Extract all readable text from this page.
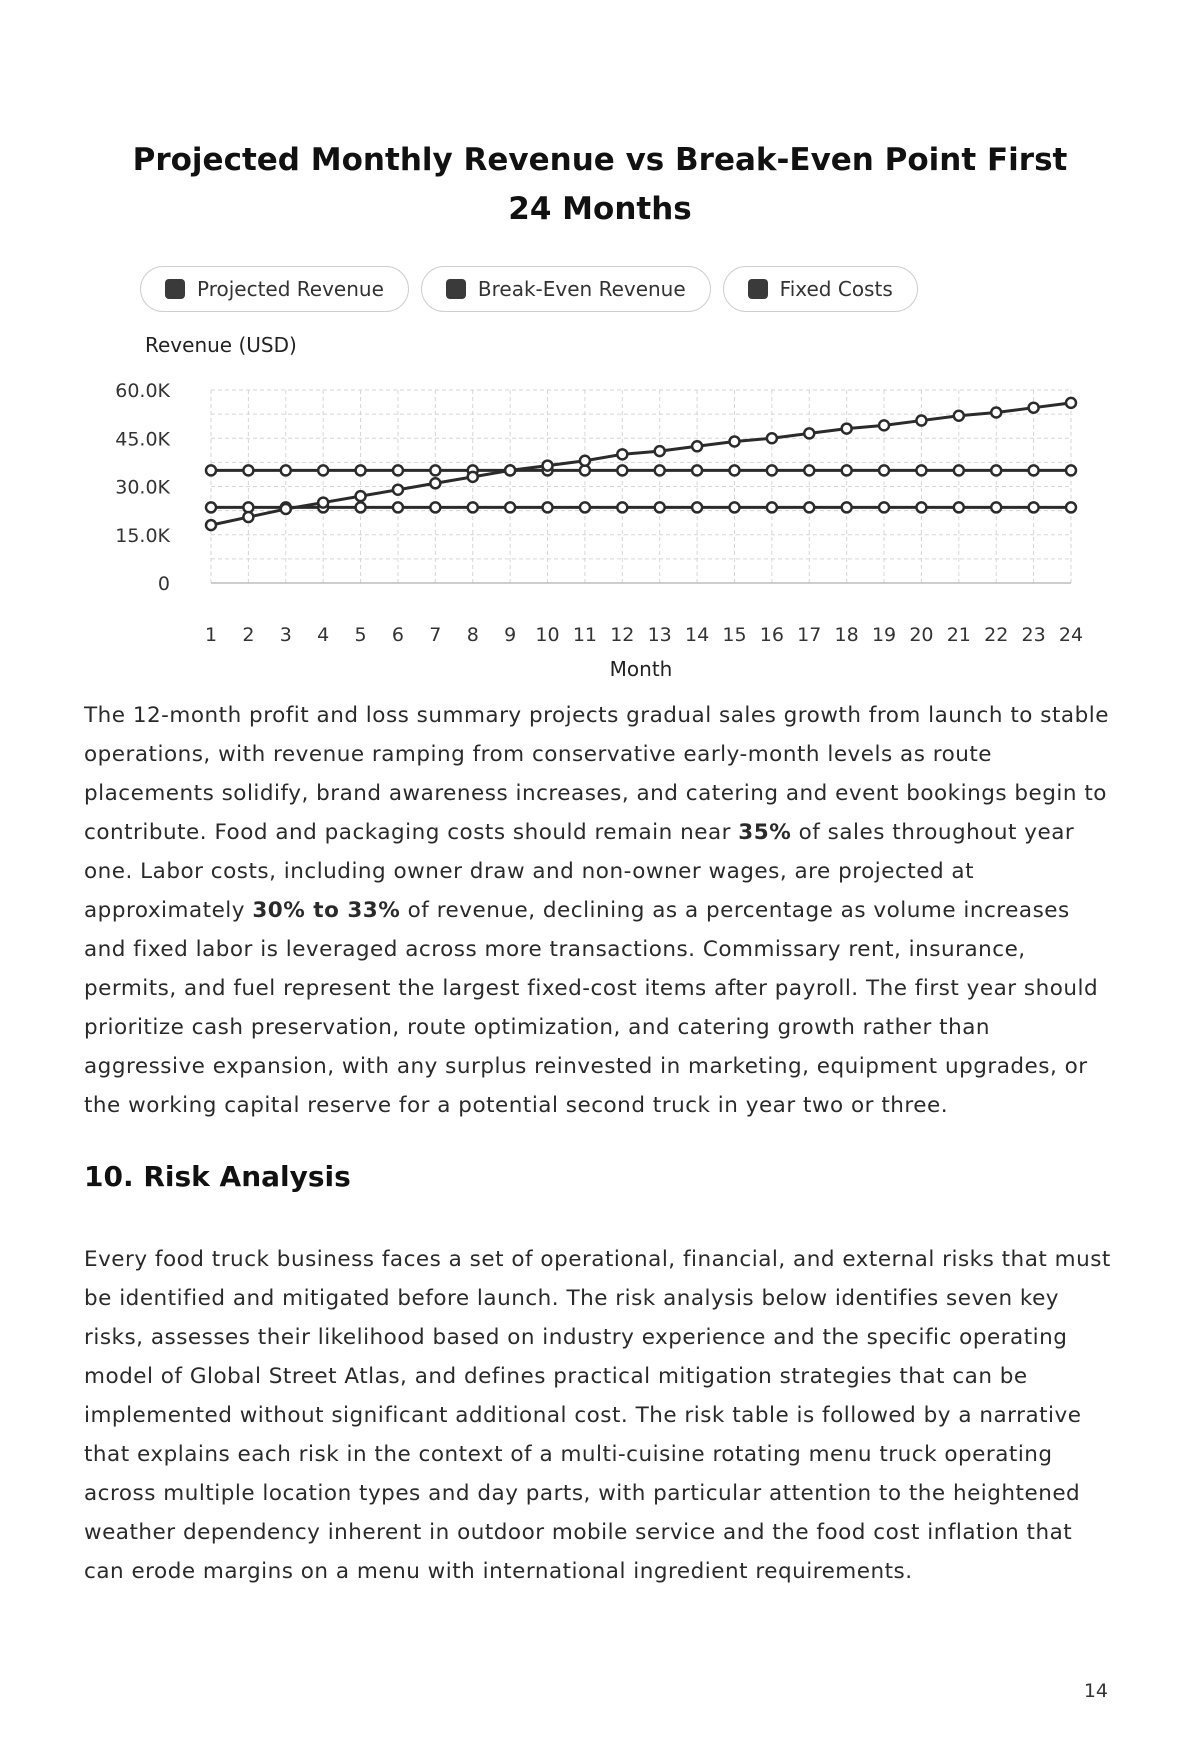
Projected Monthly Revenue vs Break-Even Point First 24 Months
Projected Revenue	Break-Even Revenue	Fixed Costs
0
15.0K
30.0K
45.0K
60.0K
1 2 3 4 5 6 7 8 9 10 11 12 13 14 15 16 17 18 19 20 21 22 23 24
Revenue (USD)
Month

The 12-month profit and loss summary projects gradual sales growth from launch to stable operations, with revenue ramping from conservative early-month levels as route placements solidify, brand awareness increases, and catering and event bookings begin to contribute. Food and packaging costs should remain near 35% of sales throughout year one. Labor costs, including owner draw and non-owner wages, are projected at approximately 30% to 33% of revenue, declining as a percentage as volume increases and fixed labor is leveraged across more transactions. Commissary rent, insurance, permits, and fuel represent the largest fixed-cost items after payroll. The first year should prioritize cash preservation, route optimization, and catering growth rather than aggressive expansion, with any surplus reinvested in marketing, equipment upgrades, or the working capital reserve for a potential second truck in year two or three.

10. Risk Analysis

Every food truck business faces a set of operational, financial, and external risks that must be identified and mitigated before launch. The risk analysis below identifies seven key risks, assesses their likelihood based on industry experience and the specific operating model of Global Street Atlas, and defines practical mitigation strategies that can be implemented without significant additional cost. The risk table is followed by a narrative that explains each risk in the context of a multi-cuisine rotating menu truck operating across multiple location types and day parts, with particular attention to the heightened weather dependency inherent in outdoor mobile service and the food cost inflation that can erode margins on a menu with international ingredient requirements.

14
